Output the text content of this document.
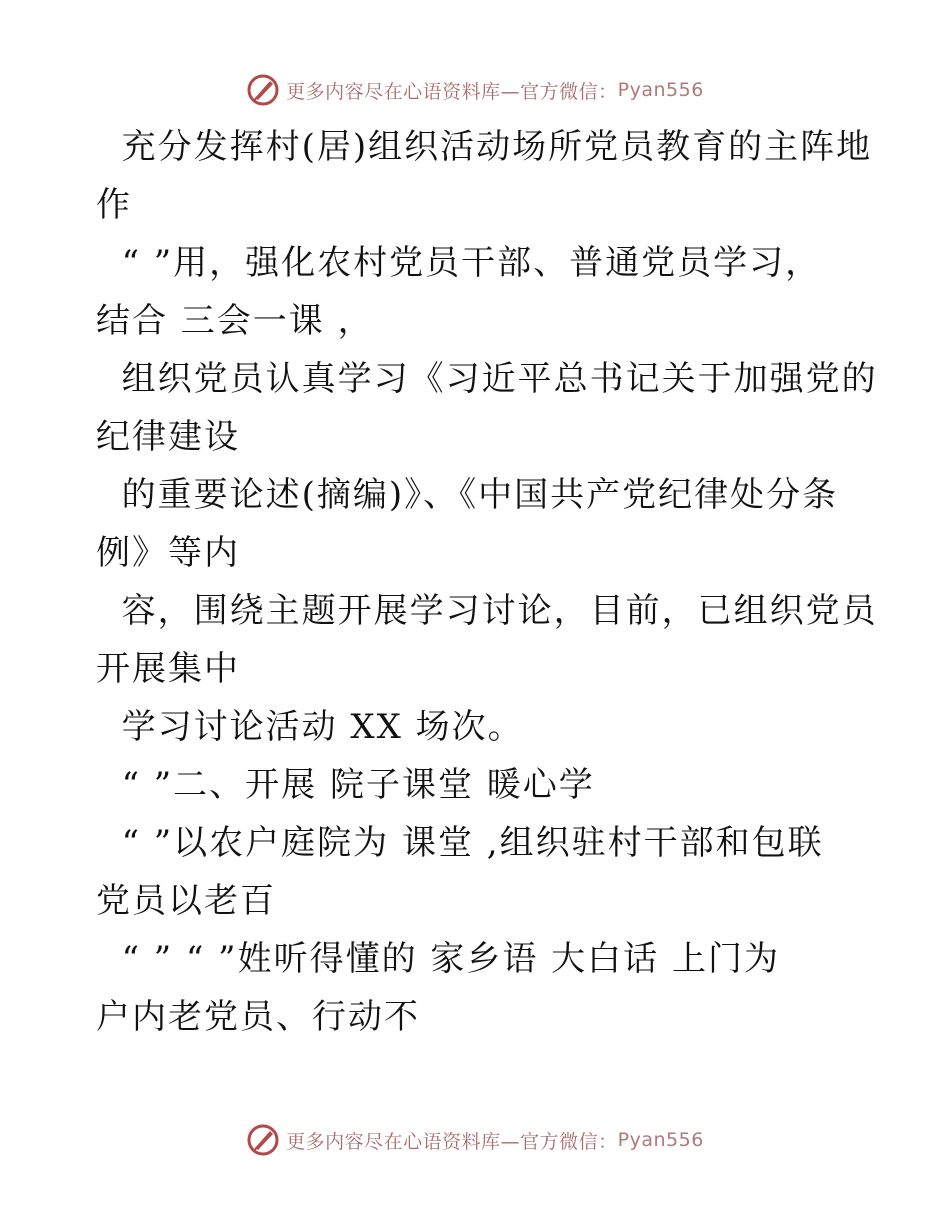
更多内容尽在心语资料库—官方微信： Pyan556
充分发挥村(居)组织活动场所党员教育的主阵地
作
“ ”用，强化农村党员干部、普通党员学习，
结合 三会一课 ，
组织党员认真学习《习近平总书记关于加强党的
纪律建设
的重要论述(摘编)》、《中国共产党纪律处分条
例》等内
容，围绕主题开展学习讨论，目前，已组织党员
开展集中
学习讨论活动 XX 场次。
“ ”二、开展 院子课堂 暖心学
“ ”以农户庭院为 课堂 ,组织驻村干部和包联
党员以老百
“ ” “ ”姓听得懂的 家乡语 大白话 上门为
户内老党员、行动不
更多内容尽在心语资料库—官方微信： Pyan556
